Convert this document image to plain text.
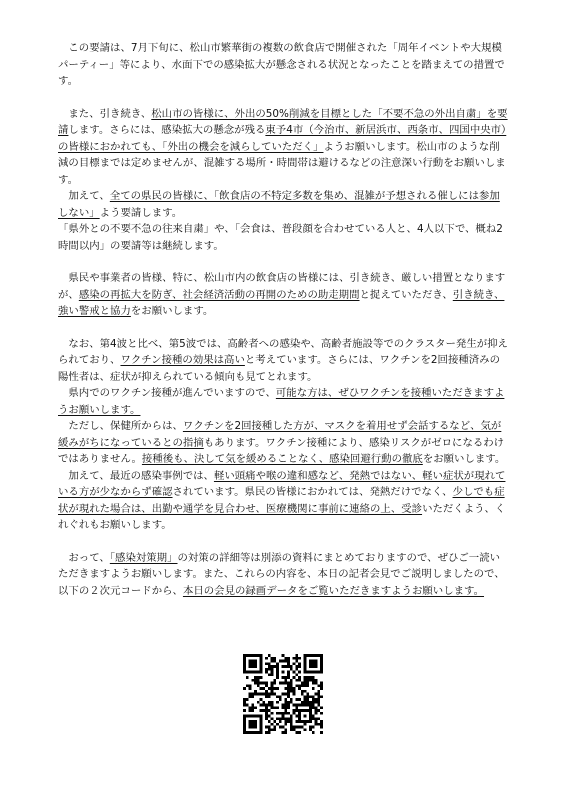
この要請は、7月下旬に、松山市繁華街の複数の飲食店で開催された「周年イベントや大規模パーティー」等により、水面下での感染拡大が懸念される状況となったことを踏まえての措置です。

また、引き続き、松山市の皆様に、外出の50%削減を目標とした「不要不急の外出自粛」を要請します。さらには、感染拡大の懸念が残る東予4市（今治市、新居浜市、西条市、四国中央市）の皆様におかれても、「外出の機会を減らしていただく」ようお願いします。松山市のような削減の目標までは定めませんが、混雑する場所・時間帯は避けるなどの注意深い行動をお願いします。

加えて、全ての県民の皆様に、「飲食店の不特定多数を集め、混雑が予想される催しには参加しない」よう要請します。

「県外との不要不急の往来自粛」や、「会食は、普段顔を合わせている人と、4人以下で、概ね2時間以内」の要請等は継続します。

県民や事業者の皆様、特に、松山市内の飲食店の皆様には、引き続き、厳しい措置となりますが、感染の再拡大を防ぎ、社会経済活動の再開のための助走期間と捉えていただき、引き続き、強い警戒と協力をお願いします。

なお、第4波と比べ、第5波では、高齢者への感染や、高齢者施設等でのクラスター発生が抑えられており、ワクチン接種の効果は高いと考えています。さらには、ワクチンを2回接種済みの陽性者は、症状が抑えられている傾向も見てとれます。

県内でのワクチン接種が進んでいますので、可能な方は、ぜひワクチンを接種いただきますようお願いします。

ただし、保健所からは、ワクチンを2回接種した方が、マスクを着用せず会話するなど、気が緩みがちになっているとの指摘もあります。ワクチン接種により、感染リスクがゼロになるわけではありません。接種後も、決して気を緩めることなく、感染回避行動の徹底をお願いします。

加えて、最近の感染事例では、軽い頭痛や喉の違和感など、発熱ではない、軽い症状が現れている方が少なからず確認されています。県民の皆様におかれては、発熱だけでなく、少しでも症状が現れた場合は、出勤や通学を見合わせ、医療機関に事前に連絡の上、受診いただくよう、くれぐれもお願いします。

おって、「感染対策期」の対策の詳細等は別添の資料にまとめておりますので、ぜひご一読いただきますようお願いします。また、これらの内容を、本日の記者会見でご説明しましたので、以下の２次元コードから、本日の会見の録画データをご覧いただきますようお願いします。
